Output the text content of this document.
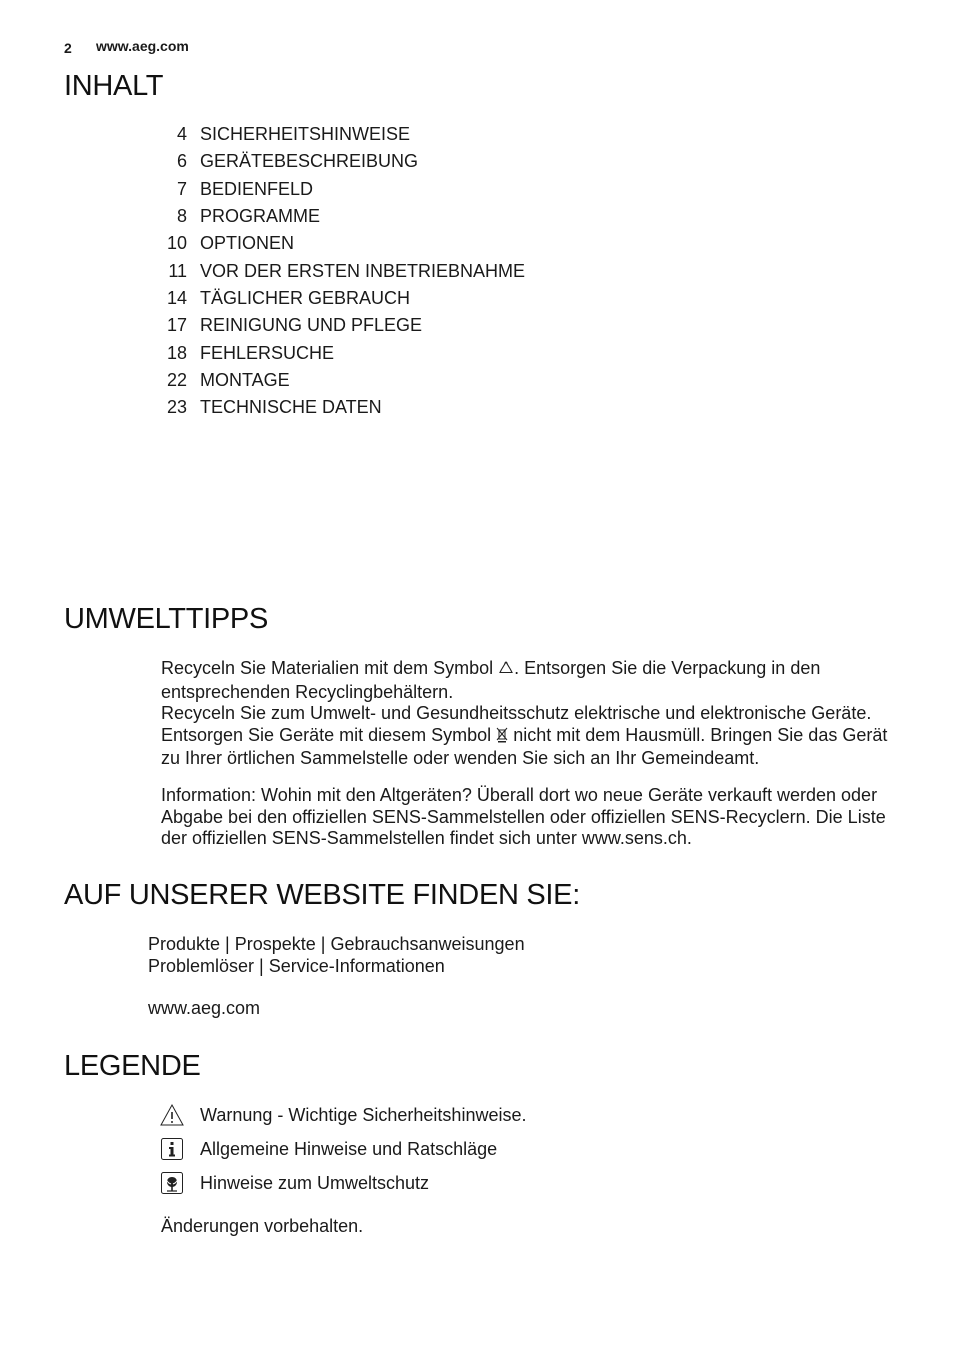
2 www.aeg.com
INHALT
4 SICHERHEITSHINWEISE
6 GERÄTEBESCHREIBUNG
7 BEDIENFELD
8 PROGRAMME
10 OPTIONEN
11 VOR DER ERSTEN INBETRIEBNAHME
14 TÄGLICHER GEBRAUCH
17 REINIGUNG UND PFLEGE
18 FEHLERSUCHE
22 MONTAGE
23 TECHNISCHE DATEN
UMWELTTIPPS

Recyceln Sie Materialien mit dem Symbol . Entsorgen Sie die Verpackung in den entsprechenden Recyclingbehältern.
Recyceln Sie zum Umwelt- und Gesundheitsschutz elektrische und elektronische Geräte. Entsorgen Sie Geräte mit diesem Symbol nicht mit dem Hausmüll. Bringen Sie das Gerät zu Ihrer örtlichen Sammelstelle oder wenden Sie sich an Ihr Gemeindeamt.

Information: Wohin mit den Altgeräten? Überall dort wo neue Geräte verkauft werden oder Abgabe bei den offiziellen SENS-Sammelstellen oder offiziellen SENS-Recyclern. Die Liste der offiziellen SENS-Sammelstellen findet sich unter www.sens.ch.

AUF UNSERER WEBSITE FINDEN SIE:
Produkte | Prospekte | Gebrauchsanweisungen
Problemlöser | Service-Informationen
www.aeg.com
LEGENDE
Warnung - Wichtige Sicherheitshinweise.
Allgemeine Hinweise und Ratschläge
Hinweise zum Umweltschutz
Änderungen vorbehalten.
